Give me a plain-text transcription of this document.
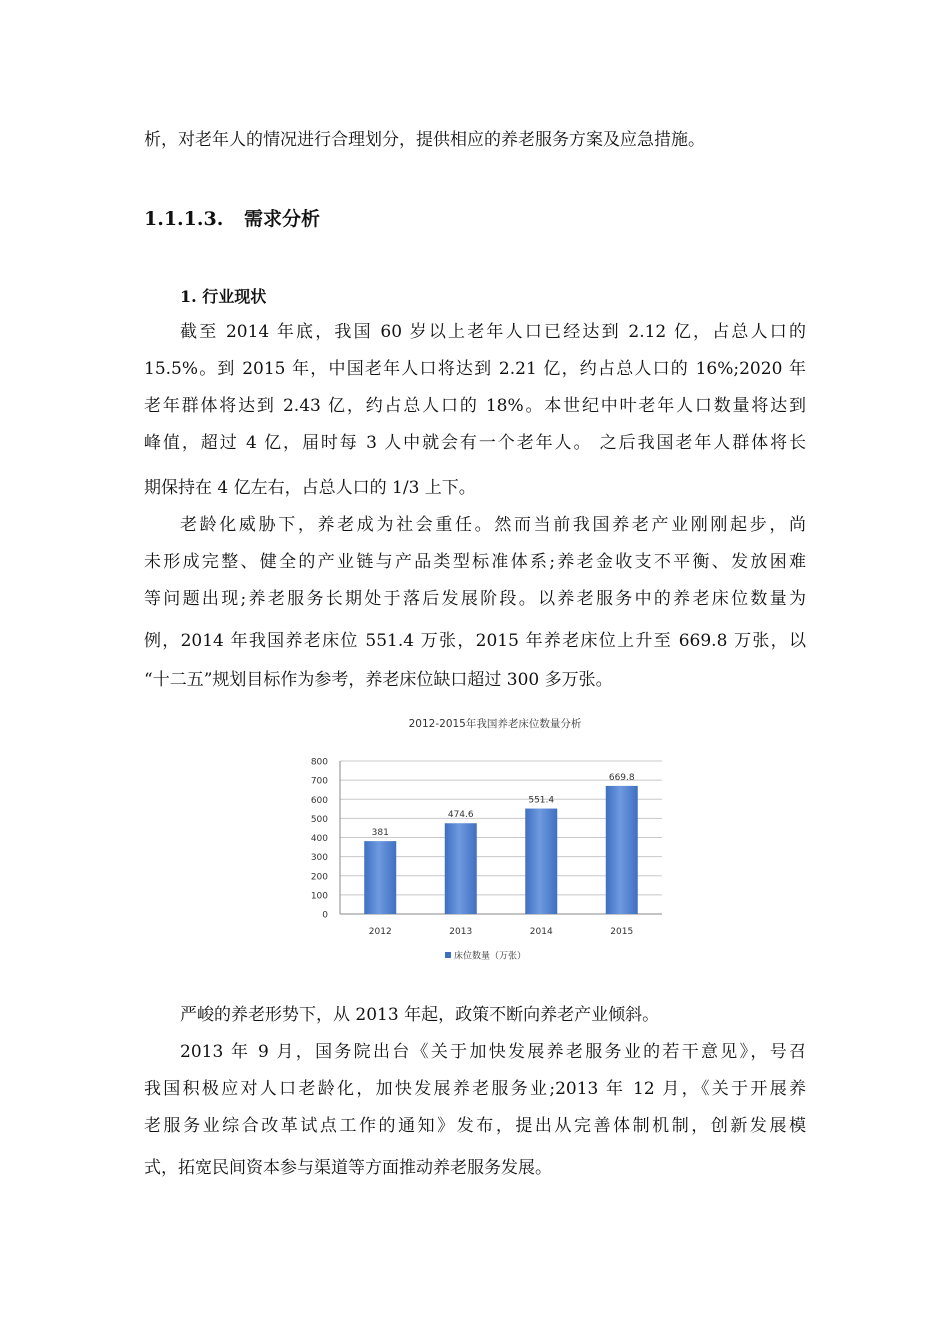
析，对老年人的情况进行合理划分，提供相应的养老服务方案及应急措施。
1.1.1.3. 需求分析
1. 行业现状
截至 2014 年底，我国 60 岁以上老年人口已经达到 2.12 亿，占总人口的
15.5%。到 2015 年，中国老年人口将达到 2.21 亿，约占总人口的 16%;2020 年
老年群体将达到 2.43 亿，约占总人口的 18%。本世纪中叶老年人口数量将达到
峰值，超过 4 亿，届时每 3 人中就会有一个老年人。 之后我国老年人群体将长
期保持在 4 亿左右，占总人口的 1/3 上下。
老龄化威胁下，养老成为社会重任。然而当前我国养老产业刚刚起步，尚
未形成完整、健全的产业链与产品类型标准体系;养老金收支不平衡、发放困难
等问题出现;养老服务长期处于落后发展阶段。以养老服务中的养老床位数量为
例，2014 年我国养老床位 551.4 万张，2015 年养老床位上升至 669.8 万张，以
“十二五”规划目标作为参考，养老床位缺口超过 300 多万张。
2012-2015年我国养老床位数量分析
0
100
200
300
400
500
600
700
800
381
2012
474.6
2013
551.4
2014
669.8
2015
床位数量（万张）
严峻的养老形势下，从 2013 年起，政策不断向养老产业倾斜。
2013 年 9 月，国务院出台《关于加快发展养老服务业的若干意见》，号召
我国积极应对人口老龄化，加快发展养老服务业;2013 年 12 月，《关于开展养
老服务业综合改革试点工作的通知》发布，提出从完善体制机制，创新发展模
式，拓宽民间资本参与渠道等方面推动养老服务发展。
